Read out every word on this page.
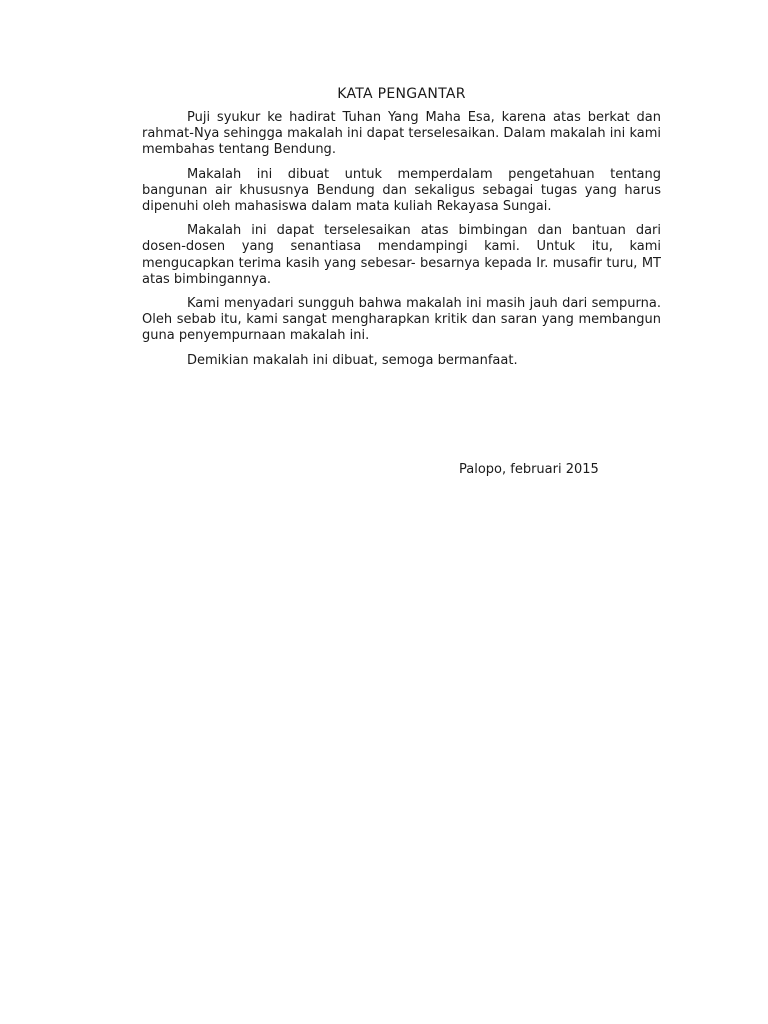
KATA PENGANTAR

Puji syukur ke hadirat Tuhan Yang Maha Esa, karena atas berkat dan rahmat-Nya sehingga makalah ini dapat terselesaikan. Dalam makalah ini kami membahas tentang Bendung.

Makalah ini dibuat untuk memperdalam pengetahuan tentang bangunan air khususnya Bendung dan sekaligus sebagai tugas yang harus dipenuhi oleh mahasiswa dalam mata kuliah Rekayasa Sungai.

Makalah ini dapat terselesaikan atas bimbingan dan bantuan dari dosen-dosen yang senantiasa mendampingi kami. Untuk itu, kami mengucapkan terima kasih yang sebesar- besarnya kepada Ir. musafir turu, MT atas bimbingannya.

Kami menyadari sungguh bahwa makalah ini masih jauh dari sempurna. Oleh sebab itu, kami sangat mengharapkan kritik dan saran yang membangun guna penyempurnaan makalah ini.

Demikian makalah ini dibuat, semoga bermanfaat.

Palopo, februari 2015
